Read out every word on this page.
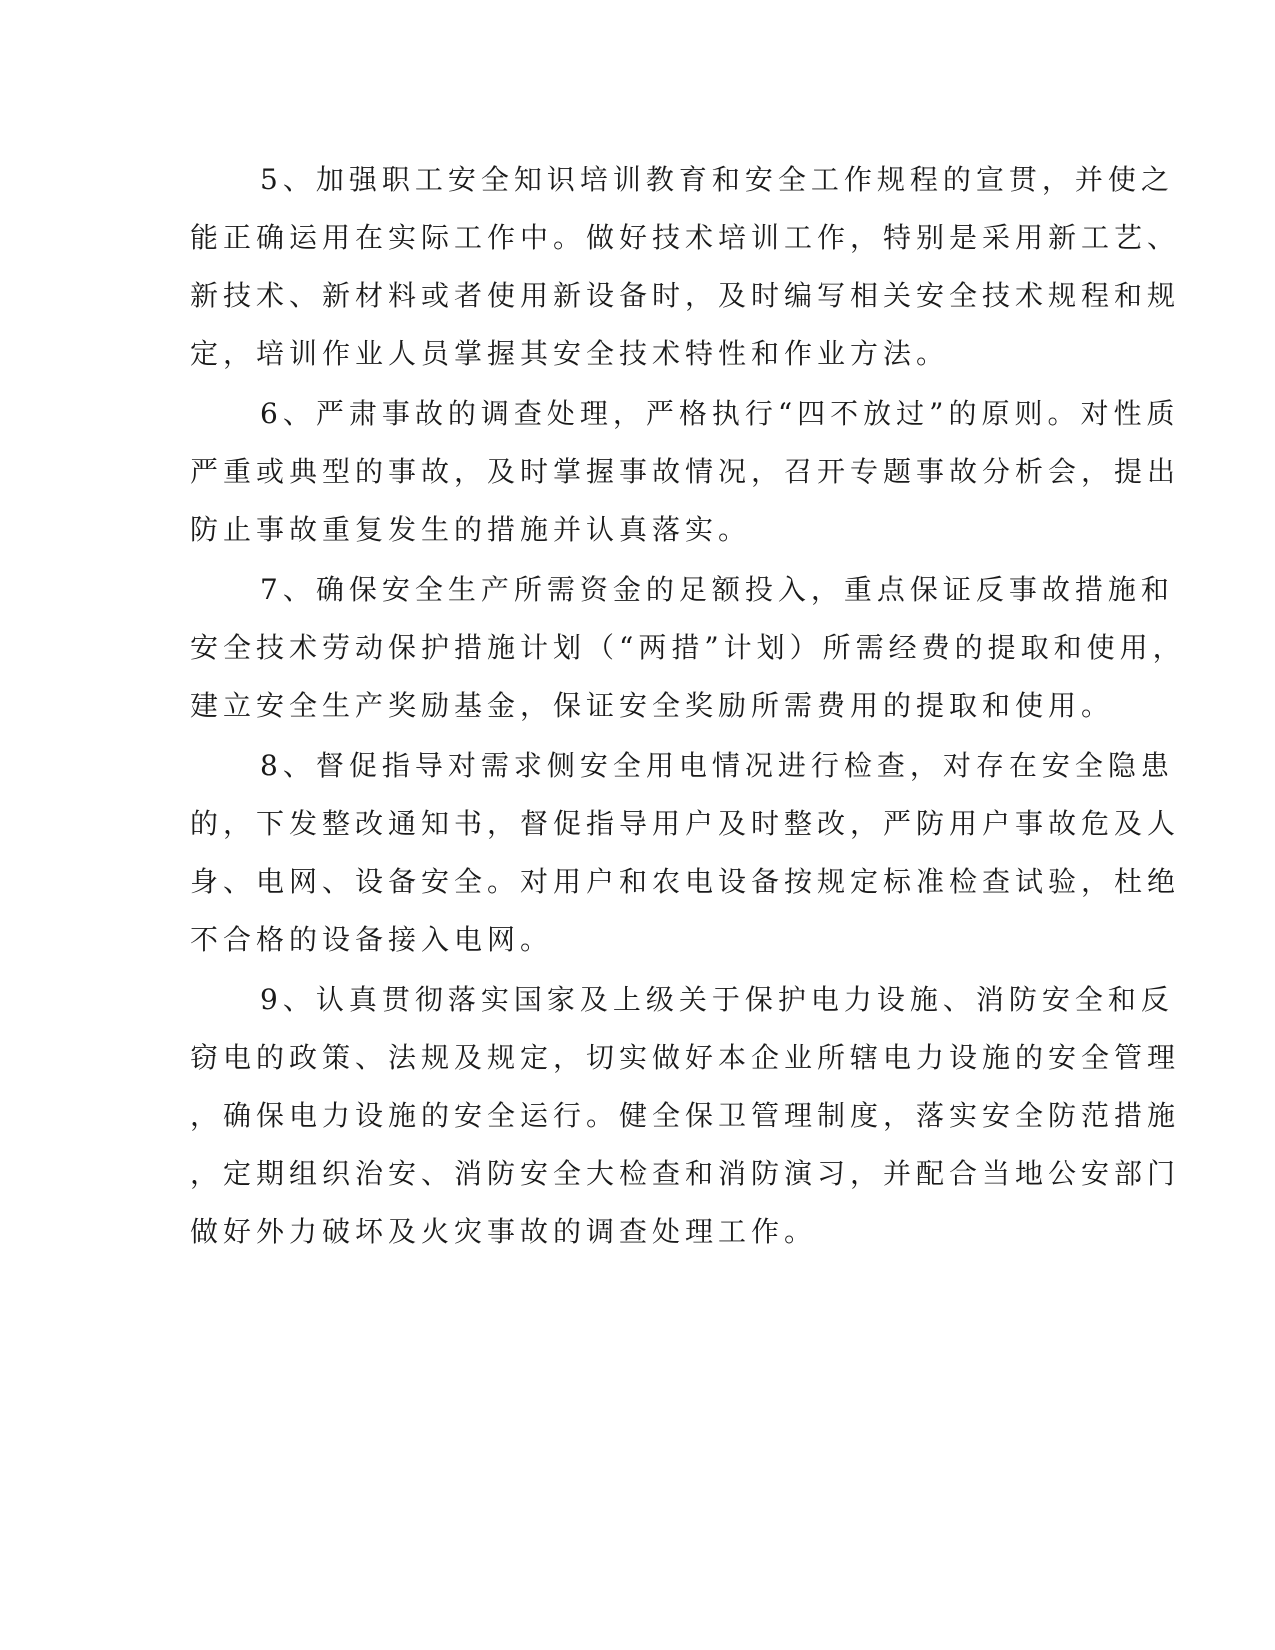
5、加强职工安全知识培训教育和安全工作规程的宣贯，并使之
能正确运用在实际工作中。做好技术培训工作，特别是采用新工艺、
新技术、新材料或者使用新设备时，及时编写相关安全技术规程和规
定，培训作业人员掌握其安全技术特性和作业方法。
6、严肃事故的调查处理，严格执行“四不放过”的原则。对性质
严重或典型的事故，及时掌握事故情况，召开专题事故分析会，提出
防止事故重复发生的措施并认真落实。
7、确保安全生产所需资金的足额投入，重点保证反事故措施和
安全技术劳动保护措施计划（“两措”计划）所需经费的提取和使用，
建立安全生产奖励基金，保证安全奖励所需费用的提取和使用。
8、督促指导对需求侧安全用电情况进行检查，对存在安全隐患
的，下发整改通知书，督促指导用户及时整改，严防用户事故危及人
身、电网、设备安全。对用户和农电设备按规定标准检查试验，杜绝
不合格的设备接入电网。
9、认真贯彻落实国家及上级关于保护电力设施、消防安全和反
窃电的政策、法规及规定，切实做好本企业所辖电力设施的安全管理
，确保电力设施的安全运行。健全保卫管理制度，落实安全防范措施
，定期组织治安、消防安全大检查和消防演习，并配合当地公安部门
做好外力破坏及火灾事故的调查处理工作。
